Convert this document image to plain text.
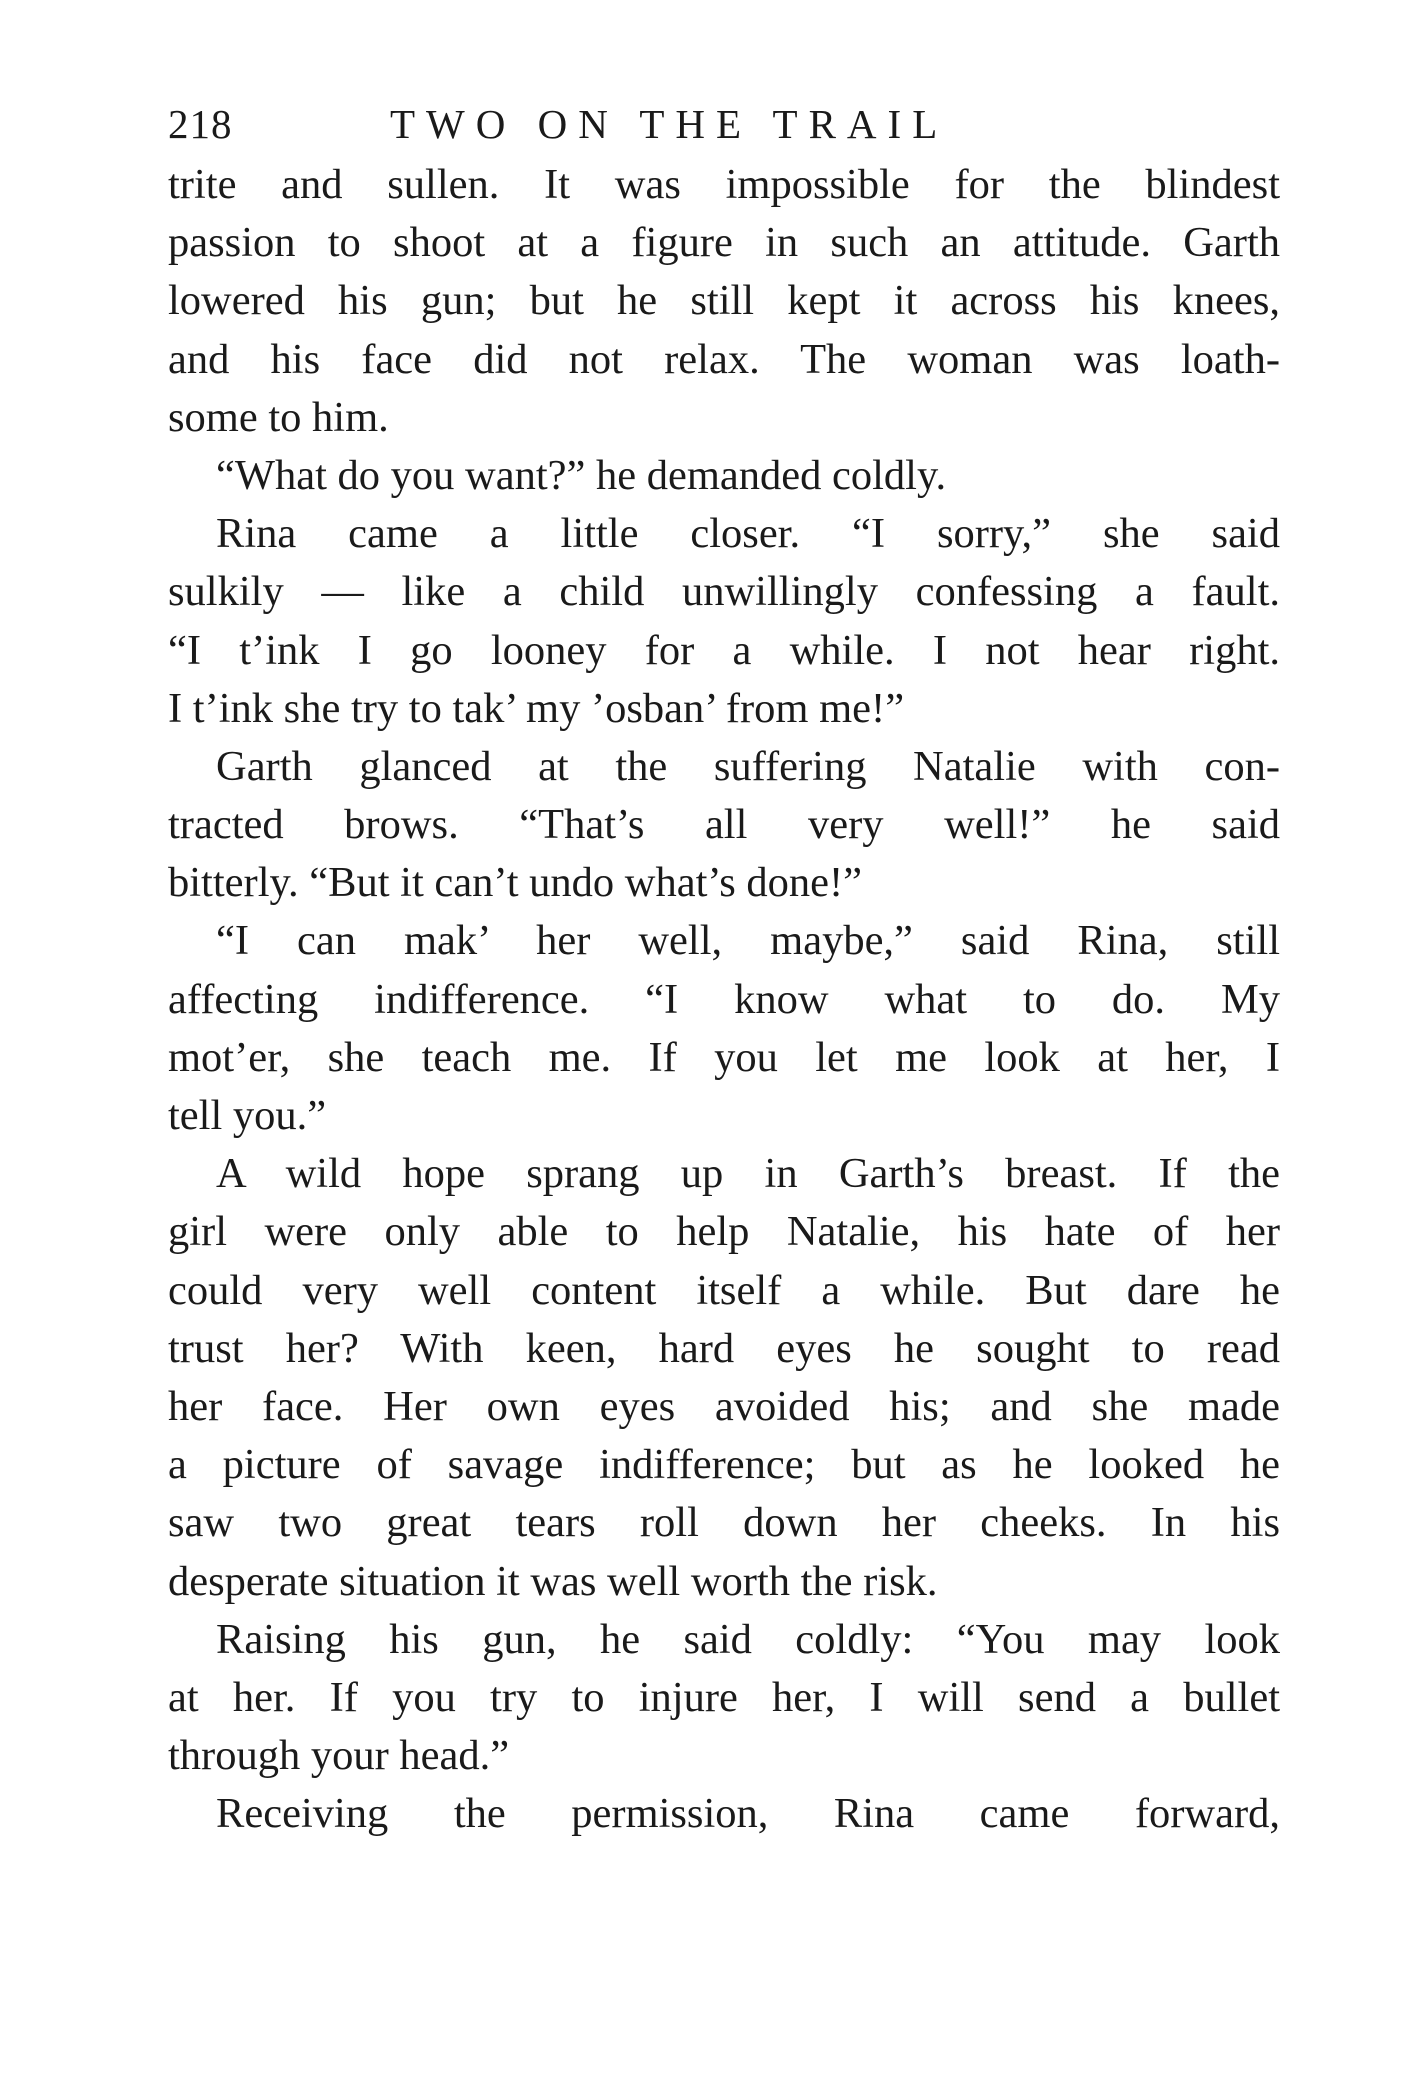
218	TWO ON THE TRAIL
trite and sullen. It was impossible for the blindest
passion to shoot at a figure in such an attitude. Garth
lowered his gun; but he still kept it across his knees,
and his face did not relax. The woman was loath-
some to him.
“What do you want?” he demanded coldly.
Rina came a little closer. “I sorry,” she said
sulkily — like a child unwillingly confessing a fault.
“I t’ink I go looney for a while. I not hear right.
I t’ink she try to tak’ my ’osban’ from me!”
Garth glanced at the suffering Natalie with con-
tracted brows. “That’s all very well!” he said
bitterly. “But it can’t undo what’s done!”
“I can mak’ her well, maybe,” said Rina, still
affecting indifference. “I know what to do. My
mot’er, she teach me. If you let me look at her, I
tell you.”
A wild hope sprang up in Garth’s breast. If the
girl were only able to help Natalie, his hate of her
could very well content itself a while. But dare he
trust her? With keen, hard eyes he sought to read
her face. Her own eyes avoided his; and she made
a picture of savage indifference; but as he looked he
saw two great tears roll down her cheeks. In his
desperate situation it was well worth the risk.
Raising his gun, he said coldly: “You may look
at her. If you try to injure her, I will send a bullet
through your head.”
Receiving the permission, Rina came forward,
